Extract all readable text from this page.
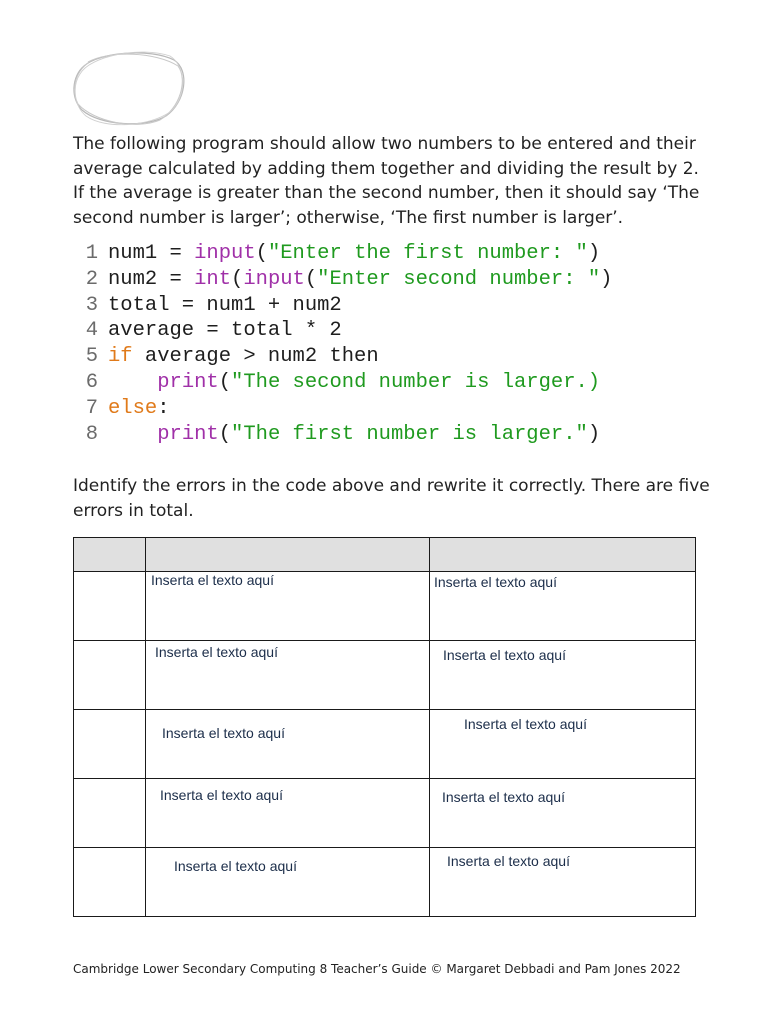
The following program should allow two numbers to be entered and their average calculated by adding them together and dividing the result by 2. If the average is greater than the second number, then it should say ‘The second number is larger’; otherwise, ‘The first number is larger’.

1 num1 = input("Enter the first number: ")
2 num2 = int(input("Enter second number: ")
3 total = num1 + num2
4 average = total * 2
5 if average > num2 then
6	print("The second number is larger.)
7 else:
8	print("The first number is larger.")

Identify the errors in the code above and rewrite it correctly. There are five errors in total.

	Inserta el texto aquí	Inserta el texto aquí

	Inserta el texto aquí	Inserta el texto aquí

	Inserta el texto aquí	Inserta el texto aquí

	Inserta el texto aquí	Inserta el texto aquí

	Inserta el texto aquí	Inserta el texto aquí

Cambridge Lower Secondary Computing 8 Teacher’s Guide © Margaret Debbadi and Pam Jones 2022
